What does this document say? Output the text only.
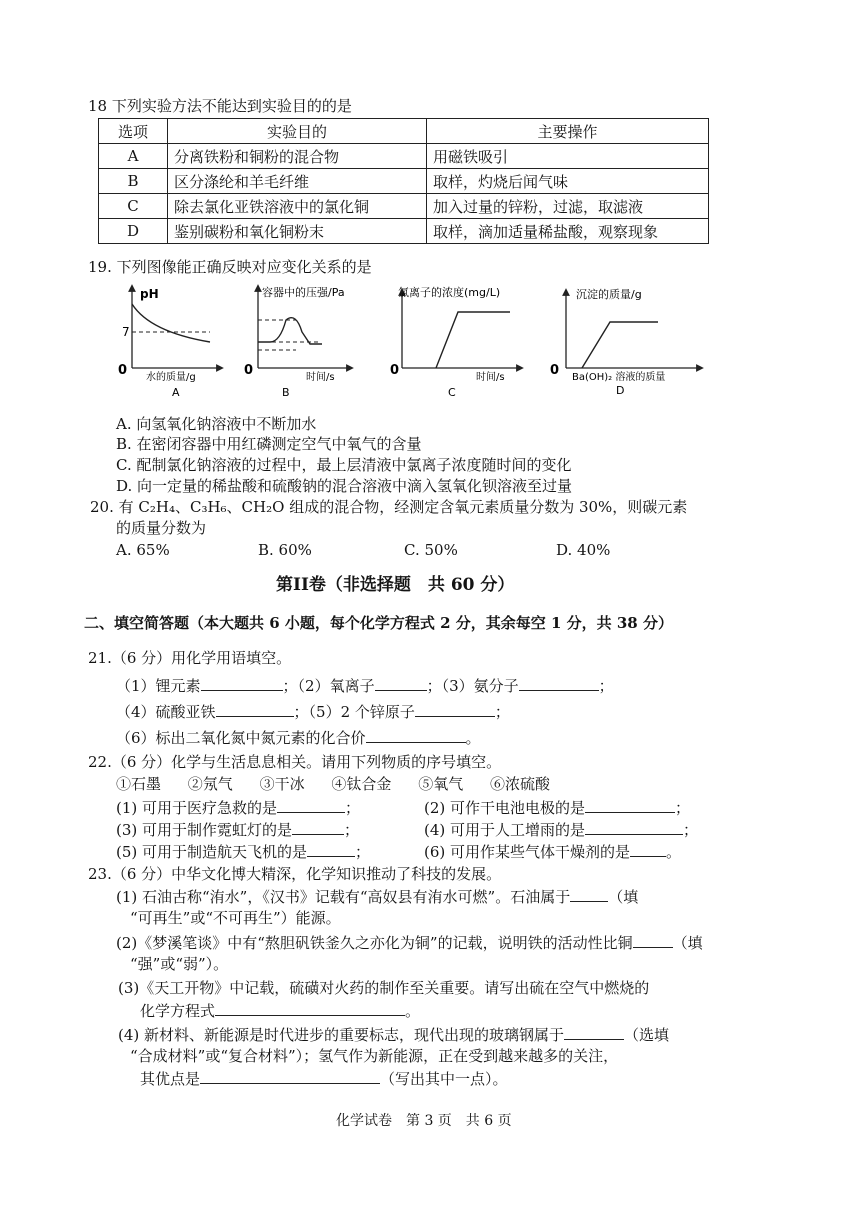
18 下列实验方法不能达到实验目的的是
选项	实验目的	主要操作
A	分离铁粉和铜粉的混合物	用磁铁吸引
B	区分涤纶和羊毛纤维	取样，灼烧后闻气味
C	除去氯化亚铁溶液中的氯化铜	加入过量的锌粉，过滤，取滤液
D	鉴别碳粉和氧化铜粉末	取样，滴加适量稀盐酸，观察现象
19. 下列图像能正确反映对应变化关系的是
pH
7
0 水的质量/g
A
容器中的压强/Pa
0	时间/s
B
氯离子的浓度(mg/L)
0	时间/s
C
沉淀的质量/g
0 Ba(OH)₂ 溶液的质量
D
A. 向氢氧化钠溶液中不断加水
B. 在密闭容器中用红磷测定空气中氧气的含量
C. 配制氯化钠溶液的过程中，最上层清液中氯离子浓度随时间的变化
D. 向一定量的稀盐酸和硫酸钠的混合溶液中滴入氢氧化钡溶液至过量
20. 有 C₂H₄、C₃H₆、CH₂O 组成的混合物，经测定含氧元素质量分数为 30%，则碳元素
的质量分数为
A. 65%	B. 60%	C. 50%	D. 40%
第II卷（非选择题　共 60 分）
二、填空简答题（本大题共 6 小题，每个化学方程式 2 分，其余每空 1 分，共 38 分）
21.（6 分）用化学用语填空。
（1）锂元素	；（2）氧离子	；（3）氨分子	；
（4）硫酸亚铁	；（5）2 个锌原子	；
（6）标出二氧化氮中氮元素的化合价	。
22.（6 分）化学与生活息息相关。请用下列物质的序号填空。
①石墨 ②氖气 ③干冰 ④钛合金 ⑤氧气 ⑥浓硫酸
(1) 可用于医疗急救的是	；	(2) 可作干电池电极的是	；
(3) 可用于制作霓虹灯的是	；	(4) 可用于人工增雨的是	；
(5) 可用于制造航天飞机的是	；	(6) 可用作某些气体干燥剂的是 。
23.（6 分）中华文化博大精深，化学知识推动了科技的发展。
(1) 石油古称“洧水”，《汉书》记载有“高奴县有洧水可燃”。石油属于	（填
“可再生”或“不可再生”）能源。
(2)《梦溪笔谈》中有“熬胆矾铁釜久之亦化为铜”的记载，说明铁的活动性比铜	（填
“强”或“弱”）。
(3)《天工开物》中记载，硫磺对火药的制作至关重要。请写出硫在空气中燃烧的
化学方程式	。
(4) 新材料、新能源是时代进步的重要标志，现代出现的玻璃钢属于	（选填
“合成材料”或“复合材料”）；氢气作为新能源，正在受到越来越多的关注，
其优点是	（写出其中一点）。
化学试卷　第 3 页　共 6 页
